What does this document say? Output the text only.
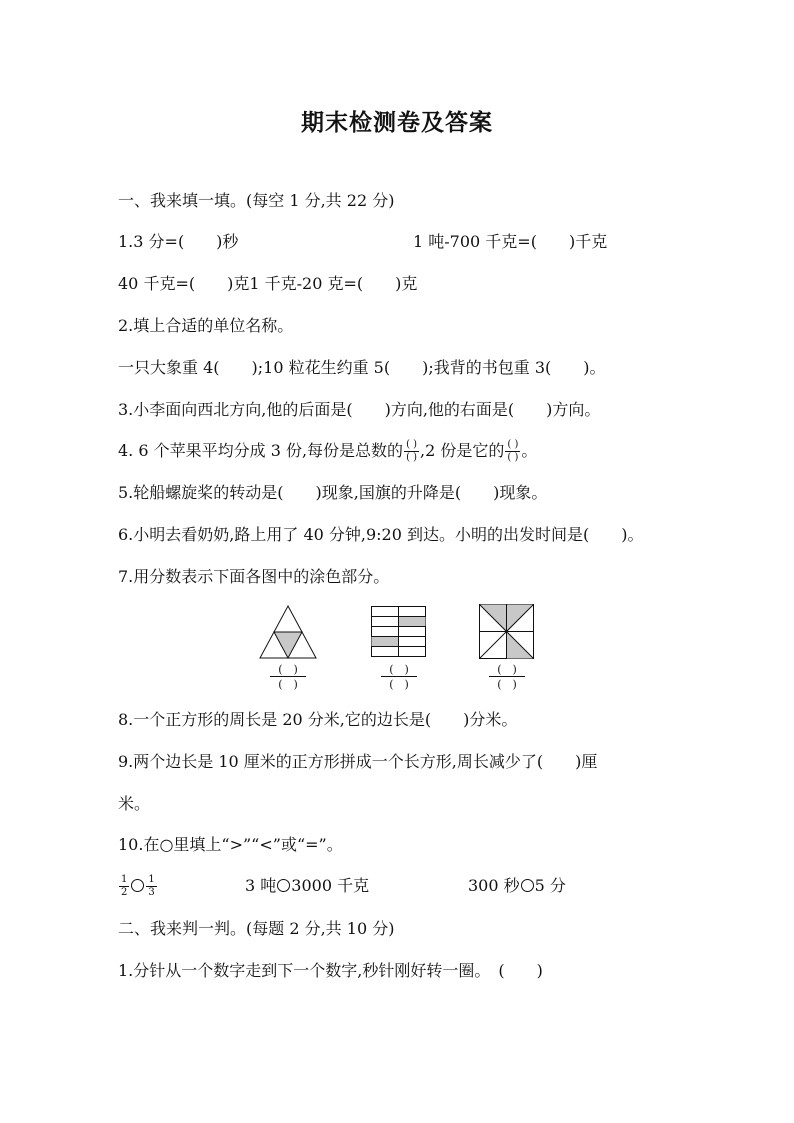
期末检测卷及答案
一、我来填一填。(每空 1 分,共 22 分)
1.3 分=(　　)秒	1 吨-700 千克=(　　)千克
40 千克=(　　)克1 千克-20 克=(　　)克
2.填上合适的单位名称。
一只大象重 4(　　);10 粒花生约重 5(　　);我背的书包重 3(　　)。
3.小李面向西北方向,他的后面是(　　)方向,他的右面是(　　)方向。
4. 6 个苹果平均分成 3 份,每份是总数的 $\frac{( )}{( )} ,2$ 份是它的 $\frac{( )}{( )}$ 。
5.轮船螺旋桨的转动是(　　)现象,国旗的升降是(　　)现象。
6.小明去看奶奶,路上用了 40 分钟,9:20 到达。小明的出发时间是(　　)。
7.用分数表示下面各图中的涂色部分。
(　)
(　)
(　)
(　)
(　)
(　)
8.一个正方形的周长是 20 分米,它的边长是(　　)分米。
9.两个边长是 10 厘米的正方形拼成一个长方形,周长减少了(　　)厘
米。
10.在○里填上“>”“<”或“=”。
$\frac{1}{2} \frac{1}{3}$	3 吨 3000 千克	300 秒 5 分
二、我来判一判。(每题 2 分,共 10 分)
1.分针从一个数字走到下一个数字,秒针刚好转一圈。　(　　)
